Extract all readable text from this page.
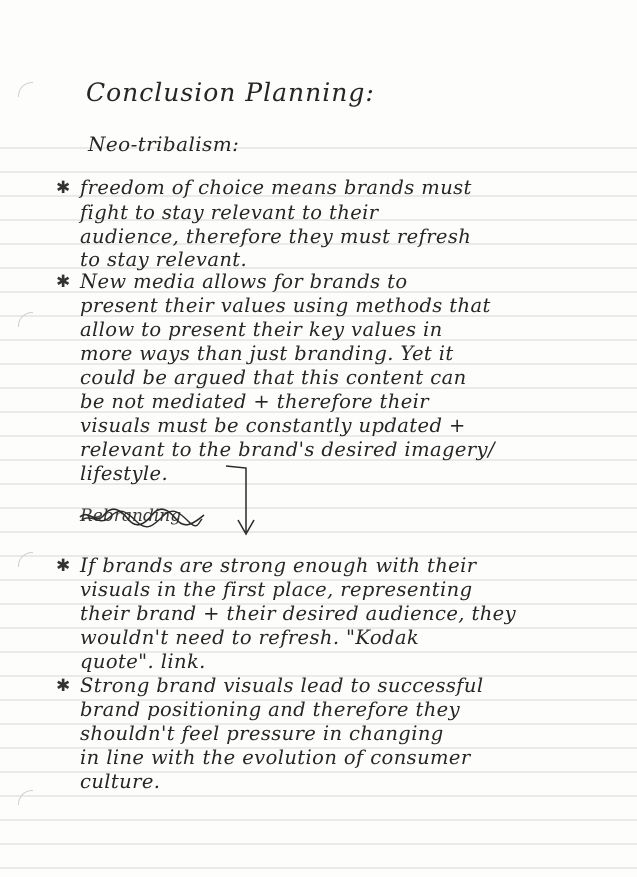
Conclusion Planning:
Neo-tribalism:
✱ freedom of choice means brands must
fight to stay relevant to their
audience, therefore they must refresh
to stay relevant.
✱ New media allows for brands to
present their values using methods that
allow to present their key values in
more ways than just branding. Yet it
could be argued that this content can
be not mediated + therefore their
visuals must be constantly updated +
relevant to the brand's desired imagery/
lifestyle.
Rebranding
✱ If brands are strong enough with their
visuals in the first place, representing
their brand + their desired audience, they
wouldn't need to refresh. "Kodak
quote". link.
✱ Strong brand visuals lead to successful
brand positioning and therefore they
shouldn't feel pressure in changing
in line with the evolution of consumer
culture.
